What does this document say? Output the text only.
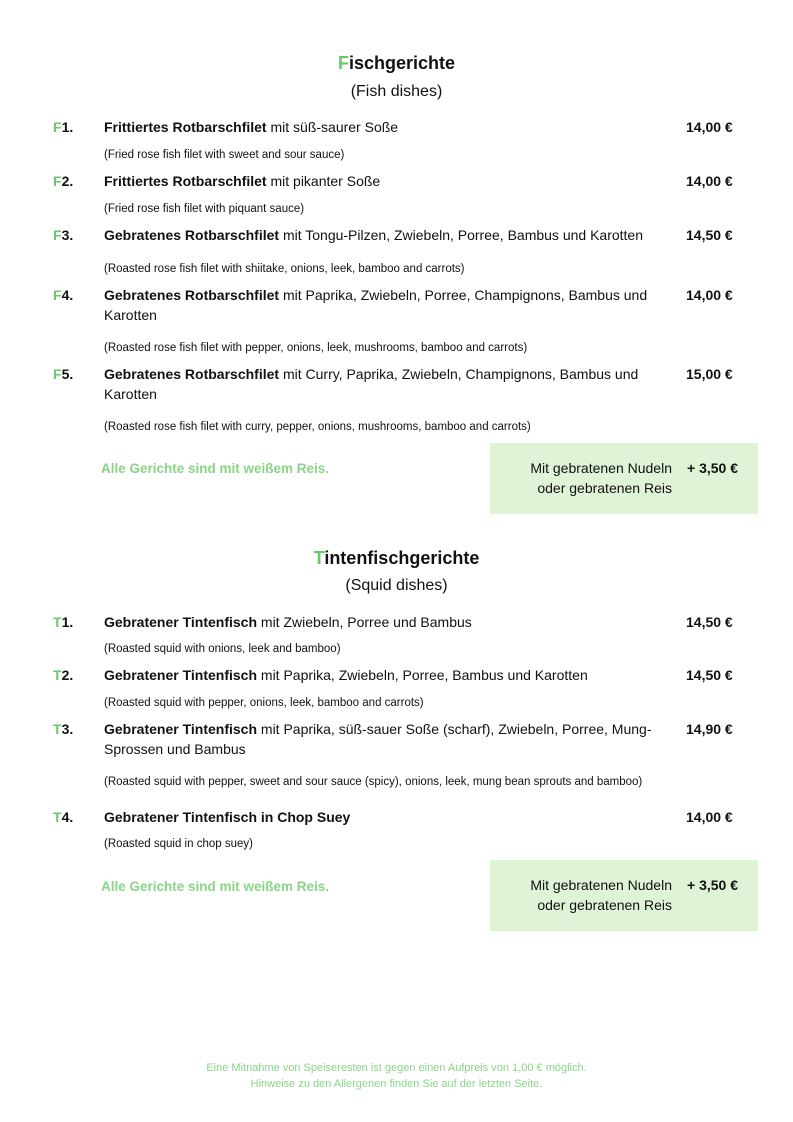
Fischgerichte
(Fish dishes)
F1. Frittiertes Rotbarschfilet mit süß-saurer Soße	14,00 €
(Fried rose fish filet with sweet and sour sauce)
F2. Frittiertes Rotbarschfilet mit pikanter Soße	14,00 €
(Fried rose fish filet with piquant sauce)
F3. Gebratenes Rotbarschfilet mit Tongu-Pilzen, Zwiebeln, Porree, Bambus und Karotten	14,50 €
(Roasted rose fish filet with shiitake, onions, leek, bamboo and carrots)
F4. Gebratenes Rotbarschfilet mit Paprika, Zwiebeln, Porree, Champignons, Bambus und Karotten
14,00 €
(Roasted rose fish filet with pepper, onions, leek, mushrooms, bamboo and carrots)
F5. Gebratenes Rotbarschfilet mit Curry, Paprika, Zwiebeln, Champignons, Bambus und Karotten
15,00 €
(Roasted rose fish filet with curry, pepper, onions, mushrooms, bamboo and carrots)
Alle Gerichte sind mit weißem Reis.	Mit gebratenen Nudeln
oder gebratenen Reis
+ 3,50 €
Tintenfischgerichte
(Squid dishes)
T1. Gebratener Tintenfisch mit Zwiebeln, Porree und Bambus	14,50 €
(Roasted squid with onions, leek and bamboo)
T2. Gebratener Tintenfisch mit Paprika, Zwiebeln, Porree, Bambus und Karotten	14,50 €
(Roasted squid with pepper, onions, leek, bamboo and carrots)
T3. Gebratener Tintenfisch mit Paprika, süß-sauer Soße (scharf), Zwiebeln, Porree, Mung-Sprossen und Bambus
14,90 €
(Roasted squid with pepper, sweet and sour sauce (spicy), onions, leek, mung bean sprouts and bamboo)
T4. Gebratener Tintenfisch in Chop Suey	14,00 €
(Roasted squid in chop suey)
Alle Gerichte sind mit weißem Reis.	Mit gebratenen Nudeln
oder gebratenen Reis
+ 3,50 €
Eine Mitnahme von Speiseresten ist gegen einen Aufpreis von 1,00 € möglich.
Hinweise zu den Allergenen finden Sie auf der letzten Seite.
